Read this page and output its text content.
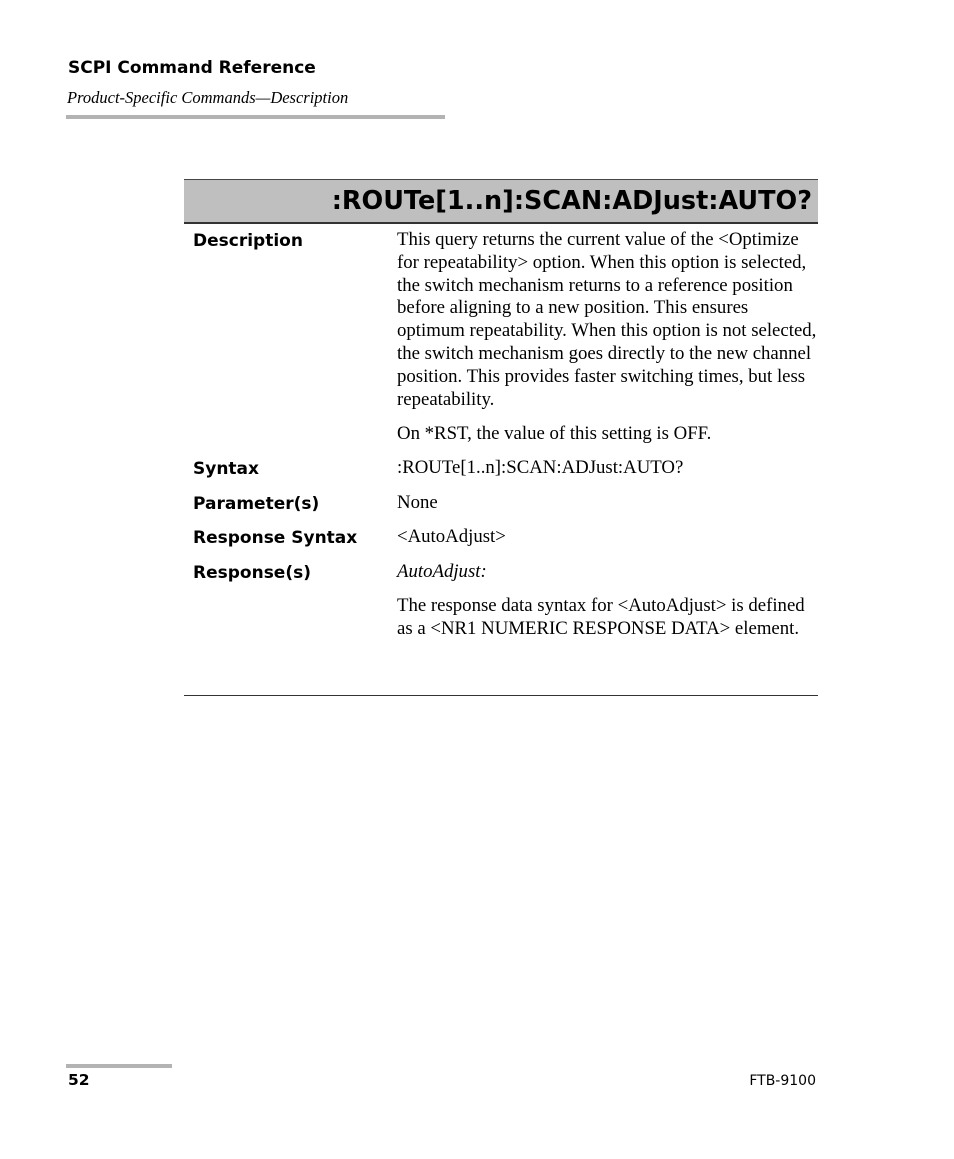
SCPI Command Reference
Product-Specific Commands—Description
:ROUTe[1..n]:SCAN:ADJust:AUTO?
Description	This query returns the current value of the <Optimize for repeatability> option. When this option is selected, the switch mechanism returns to a reference position before aligning to a new position. This ensures optimum repeatability. When this option is not selected, the switch mechanism goes directly to the new channel position. This provides faster switching times, but less repeatability.

On *RST, the value of this setting is OFF.

Syntax	:ROUTe[1..n]:SCAN:ADJust:AUTO?
Parameter(s)	None
Response Syntax	<AutoAdjust>
Response(s)	AutoAdjust:

The response data syntax for <AutoAdjust> is defined as a <NR1 NUMERIC RESPONSE DATA> element.

52	FTB-9100
